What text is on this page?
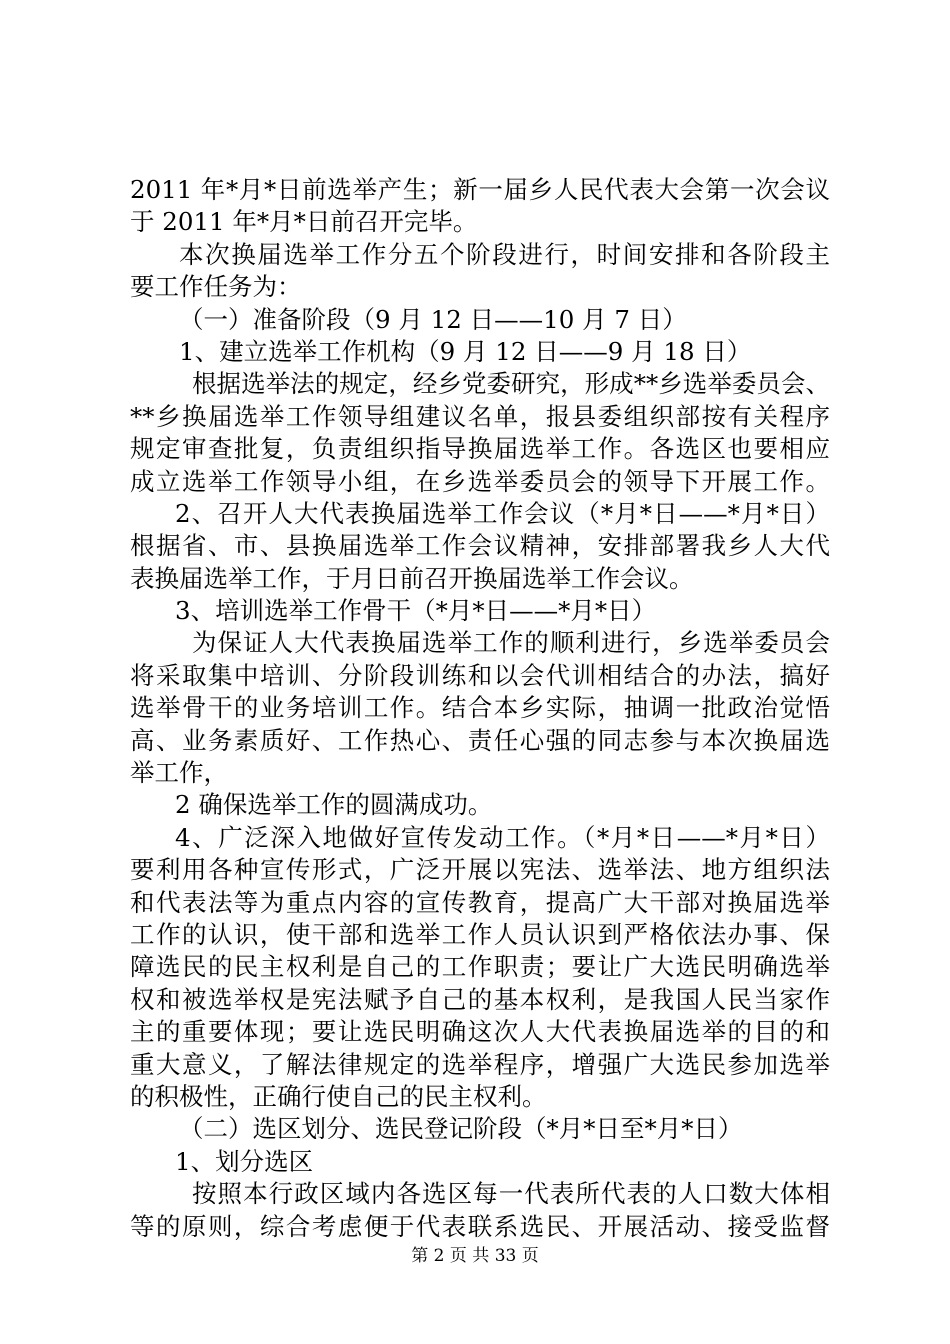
2011 年*月*日前选举产生；新一届乡人民代表大会第一次会议
于 2011 年*月*日前召开完毕。
本次换届选举工作分五个阶段进行，时间安排和各阶段主
要工作任务为：
（一）准备阶段（9 月 12 日——10 月 7 日）
1、建立选举工作机构（9 月 12 日——9 月 18 日）
根据选举法的规定，经乡党委研究，形成**乡选举委员会、
**乡换届选举工作领导组建议名单，报县委组织部按有关程序
规定审查批复，负责组织指导换届选举工作。各选区也要相应
成立选举工作领导小组，在乡选举委员会的领导下开展工作。
2、召开人大代表换届选举工作会议（*月*日——*月*日）
根据省、市、县换届选举工作会议精神，安排部署我乡人大代
表换届选举工作，于月日前召开换届选举工作会议。
3、培训选举工作骨干（*月*日——*月*日）
为保证人大代表换届选举工作的顺利进行，乡选举委员会
将采取集中培训、分阶段训练和以会代训相结合的办法，搞好
选举骨干的业务培训工作。结合本乡实际，抽调一批政治觉悟
高、业务素质好、工作热心、责任心强的同志参与本次换届选
举工作，
2 确保选举工作的圆满成功。
4、广泛深入地做好宣传发动工作。（*月*日——*月*日）
要利用各种宣传形式，广泛开展以宪法、选举法、地方组织法
和代表法等为重点内容的宣传教育，提高广大干部对换届选举
工作的认识，使干部和选举工作人员认识到严格依法办事、保
障选民的民主权利是自己的工作职责；要让广大选民明确选举
权和被选举权是宪法赋予自己的基本权利，是我国人民当家作
主的重要体现；要让选民明确这次人大代表换届选举的目的和
重大意义，了解法律规定的选举程序，增强广大选民参加选举
的积极性，正确行使自己的民主权利。
（二）选区划分、选民登记阶段（*月*日至*月*日）
1、划分选区
按照本行政区域内各选区每一代表所代表的人口数大体相
等的原则，综合考虑便于代表联系选民、开展活动、接受监督
第 2 页 共 33 页
